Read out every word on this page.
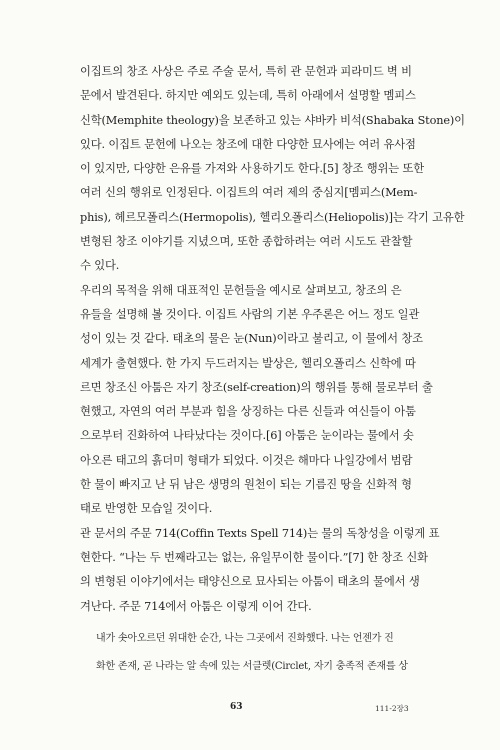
이집트의 창조 사상은 주로 주술 문서, 특히 관 문헌과 피라미드 벽 비
문에서 발견된다. 하지만 예외도 있는데, 특히 아래에서 설명할 멤피스
신학(Memphite theology)을 보존하고 있는 샤바카 비석(Shabaka Stone)이
있다. 이집트 문헌에 나오는 창조에 대한 다양한 묘사에는 여러 유사점
이 있지만, 다양한 은유를 가져와 사용하기도 한다.[5] 창조 행위는 또한
여러 신의 행위로 인정된다. 이집트의 여러 제의 중심지[멤피스(Mem-
phis), 헤르모폴리스(Hermopolis), 헬리오폴리스(Heliopolis)]는 각기 고유한
변형된 창조 이야기를 지녔으며, 또한 종합하려는 여러 시도도 관찰할
수 있다.

우리의 목적을 위해 대표적인 문헌들을 예시로 살펴보고, 창조의 은
유들을 설명해 볼 것이다. 이집트 사람의 기본 우주론은 어느 정도 일관
성이 있는 것 같다. 태초의 물은 눈(Nun)이라고 불리고, 이 물에서 창조
세계가 출현했다. 한 가지 두드러지는 발상은, 헬리오폴리스 신학에 따
르면 창조신 아툼은 자기 창조(self-creation)의 행위를 통해 물로부터 출
현했고, 자연의 여러 부분과 힘을 상징하는 다른 신들과 여신들이 아툼
으로부터 진화하여 나타났다는 것이다.[6] 아툼은 눈이라는 물에서 솟
아오른 태고의 흙더미 형태가 되었다. 이것은 해마다 나일강에서 범람
한 물이 빠지고 난 뒤 남은 생명의 원천이 되는 기름진 땅을 신화적 형
태로 반영한 모습일 것이다.

관 문서의 주문 714(Coffin Texts Spell 714)는 물의 독창성을 이렇게 표
현한다. “나는 두 번째라고는 없는, 유일무이한 물이다.”[7] 한 창조 신화
의 변형된 이야기에서는 태양신으로 묘사되는 아툼이 태초의 물에서 생
겨난다. 주문 714에서 아툼은 이렇게 이어 간다.

내가 솟아오르던 위대한 순간, 나는 그곳에서 진화했다. 나는 언젠가 진
화한 존재, 곧 나라는 알 속에 있는 서클렛(Circlet, 자기 충족적 존재를 상
63	111-2장3
